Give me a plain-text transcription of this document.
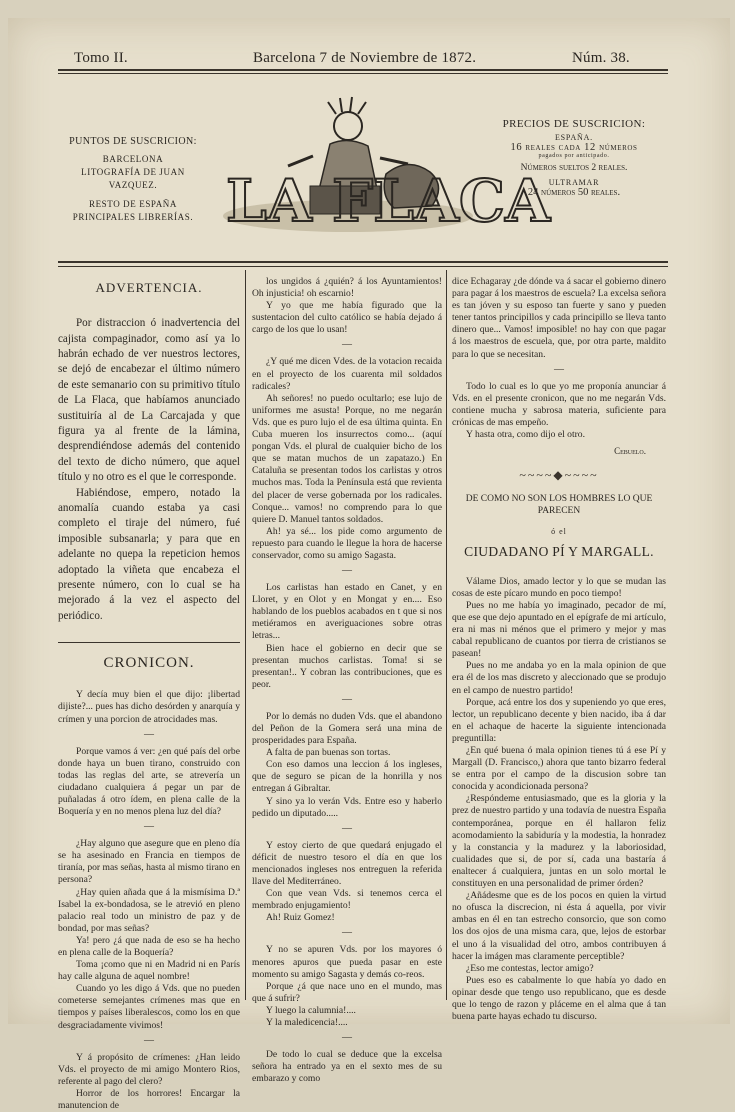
Tomo II.	Barcelona 7 de Noviembre de 1872.	Núm. 38.
PUNTOS DE SUSCRICION:
BARCELONA
LITOGRAFÍA DE JUAN VAZQUEZ.
RESTO DE ESPAÑA
PRINCIPALES LIBRERÍAS. LA FLACA
PRECIOS DE SUSCRICION:
ESPAÑA.
16 reales cada 12 números
pagados por anticipado.
Números sueltos 2 reales.
ULTRAMAR
24 números 50 reales.
ADVERTENCIA.

Por distraccion ó inadvertencia del cajista compaginador, como así ya lo habrán echado de ver nuestros lectores, se dejó de encabezar el último número de este semanario con su primitivo título de La Flaca, que habíamos anunciado sustituiría al de La Carcajada y que figura ya al frente de la lámina, desprendiéndose además del contenido del texto de dicho número, que aquel título y no otro es el que le corresponde.

Habiéndose, empero, notado la anomalía cuando estaba ya casi completo el tiraje del número, fué imposible subsanarla; y para que en adelante no quepa la repeticion hemos adoptado la viñeta que encabeza el presente número, con lo cual se ha mejorado á la vez el aspecto del periódico.

CRONICON.

Y decía muy bien el que dijo: ¡libertad dijiste?... pues has dicho desórden y anarquía y crímen y una porcion de atrocidades mas.

—

Porque vamos á ver: ¿en qué país del orbe donde haya un buen tirano, construido con todas las reglas del arte, se atrevería un ciudadano cualquiera á pegar un par de puñaladas á otro ídem, en plena calle de la Boquería y en no menos plena luz del día?

—

¿Hay alguno que asegure que en pleno día se ha asesinado en Francia en tiempos de tiranía, por mas señas, hasta al mismo tirano en persona?

¿Hay quien añada que á la mismísima D.ª Isabel la ex-bondadosa, se le atrevió en pleno palacio real todo un ministro de paz y de bondad, por mas señas?

Ya! pero ¿á que nada de eso se ha hecho en plena calle de la Boquería?

Toma ¡como que ni en Madrid ni en París hay calle alguna de aquel nombre!

Cuando yo les digo á Vds. que no pueden cometerse semejantes crímenes mas que en tiempos y países liberalescos, como los en que desgraciadamente vivimos!

—

Y á propósito de crímenes: ¿Han leido Vds. el proyecto de mi amigo Montero Rios, referente al pago del clero?

Horror de los horrores! Encargar la manutencion de

los ungidos á ¿quién? á los Ayuntamientos! Oh injusticia! oh escarnio!

Y yo que me había figurado que la sustentacion del culto católico se había dejado á cargo de los que lo usan!

—

¿Y qué me dicen Vdes. de la votacion recaida en el proyecto de los cuarenta mil soldados radicales?

Ah señores! no puedo ocultarlo; ese lujo de uniformes me asusta! Porque, no me negarán Vds. que es puro lujo el de esa última quinta. En Cuba mueren los insurrectos como... (aquí pongan Vds. el plural de cualquier bicho de los que se matan muchos de un zapatazo.) En Cataluña se presentan todos los carlistas y otros muchos mas. Toda la Península está que revienta del placer de verse gobernada por los radicales. Conque... vamos! no comprendo para lo que quiere D. Manuel tantos soldados.

Ah! ya sé... los pide como argumento de repuesto para cuando le llegue la hora de hacerse conservador, como su amigo Sagasta.

—

Los carlistas han estado en Canet, y en Lloret, y en Olot y en Mongat y en.... Eso hablando de los pueblos acabados en t que si nos metiéramos en averiguaciones sobre otras letras...

Bien hace el gobierno en decir que se presentan muchos carlistas. Toma! si se presentan!.. Y cobran las contribuciones, que es peor.

—

Por lo demás no duden Vds. que el abandono del Peñon de la Gomera será una mina de prosperidades para España.

A falta de pan buenas son tortas.

Con eso damos una leccion á los ingleses, que de seguro se pican de la honrilla y nos entregan á Gibraltar.

Y sino ya lo verán Vds. Entre eso y haberlo pedido un diputado.....

—

Y estoy cierto de que quedará enjugado el déficit de nuestro tesoro el día en que los mencionados ingleses nos entreguen la referida llave del Mediterráneo.

Con que vean Vds. si tenemos cerca el membrado enjugamiento!

Ah! Ruiz Gomez!

—

Y no se apuren Vds. por los mayores ó menores apuros que pueda pasar en este momento su amigo Sagasta y demás co-reos.

Porque ¿á que nace uno en el mundo, mas que á sufrir?

Y luego la calumnia!....

Y la maledicencia!....

—

De todo lo cual se deduce que la excelsa señora ha entrado ya en el sexto mes de su embarazo y como

dice Echagaray ¿de dónde va á sacar el gobierno dinero para pagar á los maestros de escuela? La excelsa señora es tan jóven y su esposo tan fuerte y sano y pueden tener tantos principillos y cada principillo se lleva tanto dinero que... Vamos! imposible! no hay con que pagar á los maestros de escuela, que, por otra parte, maldito para lo que se necesitan.

—

Todo lo cual es lo que yo me proponía anunciar á Vds. en el presente cronicon, que no me negarán Vds. contiene mucha y sabrosa materia, suficiente para crónicas de mas empeño.

Y hasta otra, como dijo el otro.

Cebuelo.
~~~~◆~~~~
DE COMO NO SON LOS HOMBRES LO QUE PARECEN
ó el
CIUDADANO PÍ Y MARGALL.

Válame Dios, amado lector y lo que se mudan las cosas de este pícaro mundo en poco tiempo!

Pues no me había yo imaginado, pecador de mí, que ese que dejo apuntado en el epígrafe de mi artículo, era ni mas ni ménos que el primero y mejor y mas cabal republicano de cuantos por tierra de cristianos se pasean!

Pues no me andaba yo en la mala opinion de que era él de los mas discreto y aleccionado que se produjo en el campo de nuestro partido!

Porque, acá entre los dos y supeniendo yo que eres, lector, un republicano decente y bien nacido, iba á dar en el achaque de hacerte la siguiente intencionada preguntilla:

¿En qué buena ó mala opinion tienes tú á ese Pí y Margall (D. Francisco,) ahora que tanto bizarro federal se entra por el campo de la discusion sobre tan conocida y acondicionada persona?

¿Respóndeme entusiasmado, que es la gloria y la prez de nuestro partido y una todavía de nuestra España contemporánea, porque en él hallaron feliz acomodamiento la sabiduría y la modestia, la honradez y la constancia y la madurez y la laboriosidad, cualidades que si, de por sí, cada una bastaría á enaltecer á cualquiera, juntas en un solo mortal le constituyen en una personalidad de primer órden?

¿Añádesme que es de los pocos en quien la virtud no ofusca la discrecion, ni ésta á aquella, por vivir ambas en él en tan estrecho consorcio, que son como los dos ojos de una misma cara, que, lejos de estorbar el uno á la visualidad del otro, ambos contribuyen á hacer la imágen mas claramente perceptible?

¿Eso me contestas, lector amigo?

Pues eso es cabalmente lo que había yo dado en opinar desde que tengo uso republicano, que es desde que lo tengo de razon y pláceme en el alma que á tan buena parte hayas echado tu discurso.
